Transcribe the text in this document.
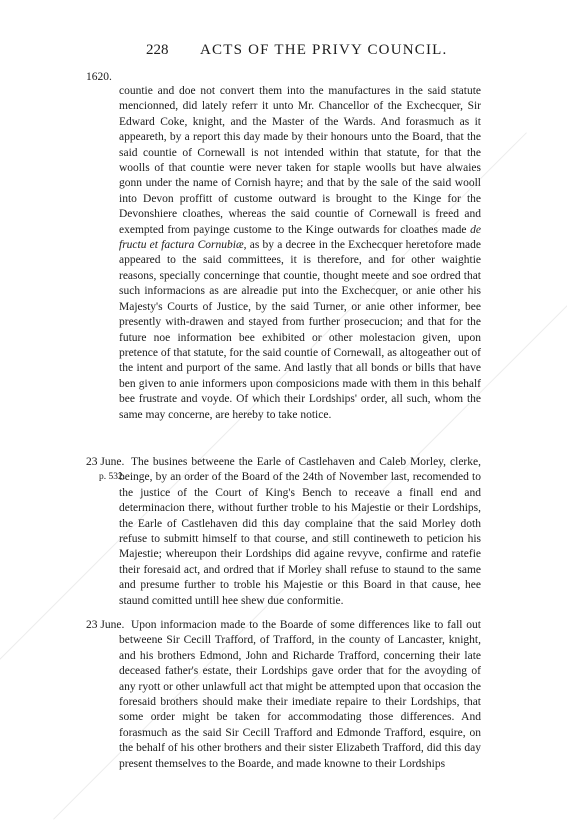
228 ACTS OF THE PRIVY COUNCIL.
1620.

countie and doe not convert them into the manufactures in the said statute mencionned, did lately referr it unto Mr. Chancellor of the Exchecquer, Sir Edward Coke, knight, and the Master of the Wards. And forasmuch as it appeareth, by a report this day made by their honours unto the Board, that the said countie of Cornewall is not intended within that statute, for that the woolls of that countie were never taken for staple woolls but have alwaies gonn under the name of Cornish hayre; and that by the sale of the said wooll into Devon proffitt of custome outward is brought to the Kinge for the Devonshiere cloathes, whereas the said countie of Cornewall is freed and exempted from payinge custome to the Kinge outwards for cloathes made de fructu et factura Cornubiæ, as by a decree in the Exchecquer heretofore made appeared to the said committees, it is therefore, and for other waightie reasons, specially concerninge that countie, thought meete and soe ordred that such informacions as are alreadie put into the Exchecquer, or anie other his Majesty's Courts of Justice, by the said Turner, or anie other informer, bee presently with-drawen and stayed from further prosecucion; and that for the future noe information bee exhibited or other molestacion given, upon pretence of that statute, for the said countie of Cornewall, as altogeather out of the intent and purport of the same. And lastly that all bonds or bills that have ben given to anie informers upon composicions made with them in this behalf bee frustrate and voyde. Of which their Lordships' order, all such, whom the same may concerne, are hereby to take notice.

23 June.
p. 532.

The busines betweene the Earle of Castlehaven and Caleb Morley, clerke, beinge, by an order of the Board of the 24th of November last, recomended to the justice of the Court of King's Bench to receave a finall end and determinacion there, without further troble to his Majestie or their Lordships, the Earle of Castlehaven did this day complaine that the said Morley doth refuse to submitt himself to that course, and still contineweth to peticion his Majestie; whereupon their Lordships did againe revyve, confirme and ratefie their foresaid act, and ordred that if Morley shall refuse to staund to the same and presume further to troble his Majestie or this Board in that cause, hee staund comitted untill hee shew due conformitie.

23 June. Upon informacion made to the Boarde of some differences like to fall out betweene Sir Cecill Trafford, of Trafford, in the county of Lancaster, knight, and his brothers Edmond, John and Richarde Trafford, concerning their late deceased father's estate, their Lordships gave order that for the avoyding of any ryott or other unlawfull act that might be attempted upon that occasion the foresaid brothers should make their imediate repaire to their Lordships, that some order might be taken for accommodating those differences. And forasmuch as the said Sir Cecill Trafford and Edmonde Trafford, esquire, on the behalf of his other brothers and their sister Elizabeth Trafford, did this day present themselves to the Boarde, and made knowne to their Lordships
